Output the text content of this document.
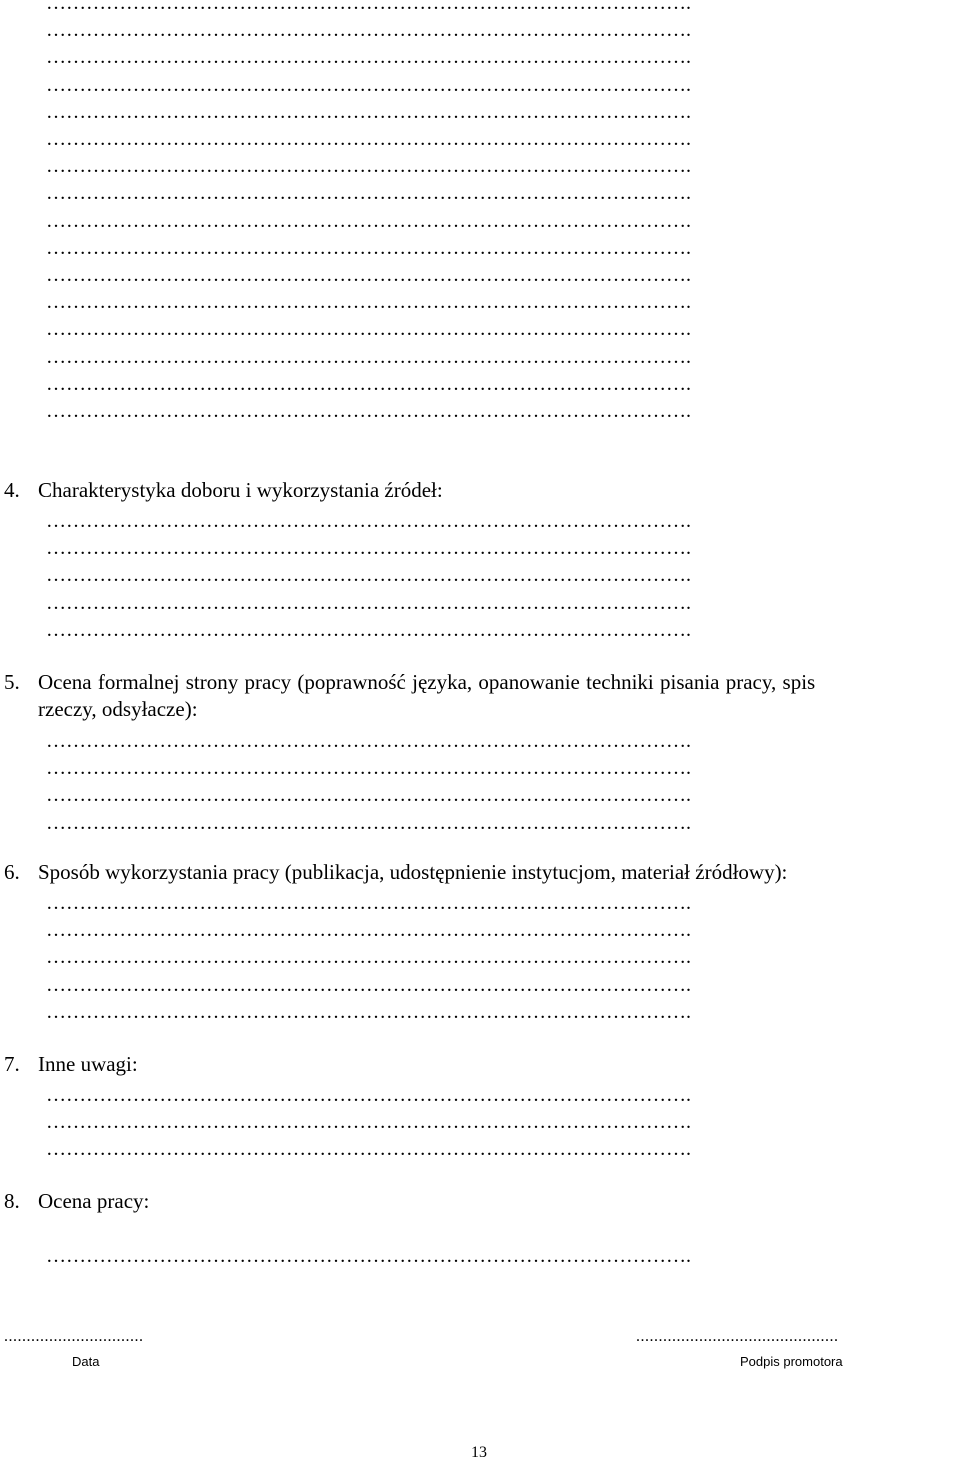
…………………………………………………………………………………….
…………………………………………………………………………………….
…………………………………………………………………………………….
…………………………………………………………………………………….
…………………………………………………………………………………….
…………………………………………………………………………………….
…………………………………………………………………………………….
…………………………………………………………………………………….
…………………………………………………………………………………….
…………………………………………………………………………………….
…………………………………………………………………………………….
…………………………………………………………………………………….
…………………………………………………………………………………….
…………………………………………………………………………………….
…………………………………………………………………………………….
…………………………………………………………………………………….
4. Charakterystyka doboru i wykorzystania źródeł:
…………………………………………………………………………………….
…………………………………………………………………………………….
…………………………………………………………………………………….
…………………………………………………………………………………….
…………………………………………………………………………………….
5. Ocena formalnej strony pracy (poprawność języka, opanowanie techniki pisania pracy, spis
rzeczy, odsyłacze):
…………………………………………………………………………………….
…………………………………………………………………………………….
…………………………………………………………………………………….
…………………………………………………………………………………….
6. Sposób wykorzystania pracy (publikacja, udostępnienie instytucjom, materiał źródłowy):
…………………………………………………………………………………….
…………………………………………………………………………………….
…………………………………………………………………………………….
…………………………………………………………………………………….
…………………………………………………………………………………….
7. Inne uwagi:
…………………………………………………………………………………….
…………………………………………………………………………………….
…………………………………………………………………………………….
8. Ocena pracy:
…………………………………………………………………………………….
...............................
Data
.............................................
Podpis promotora
13
